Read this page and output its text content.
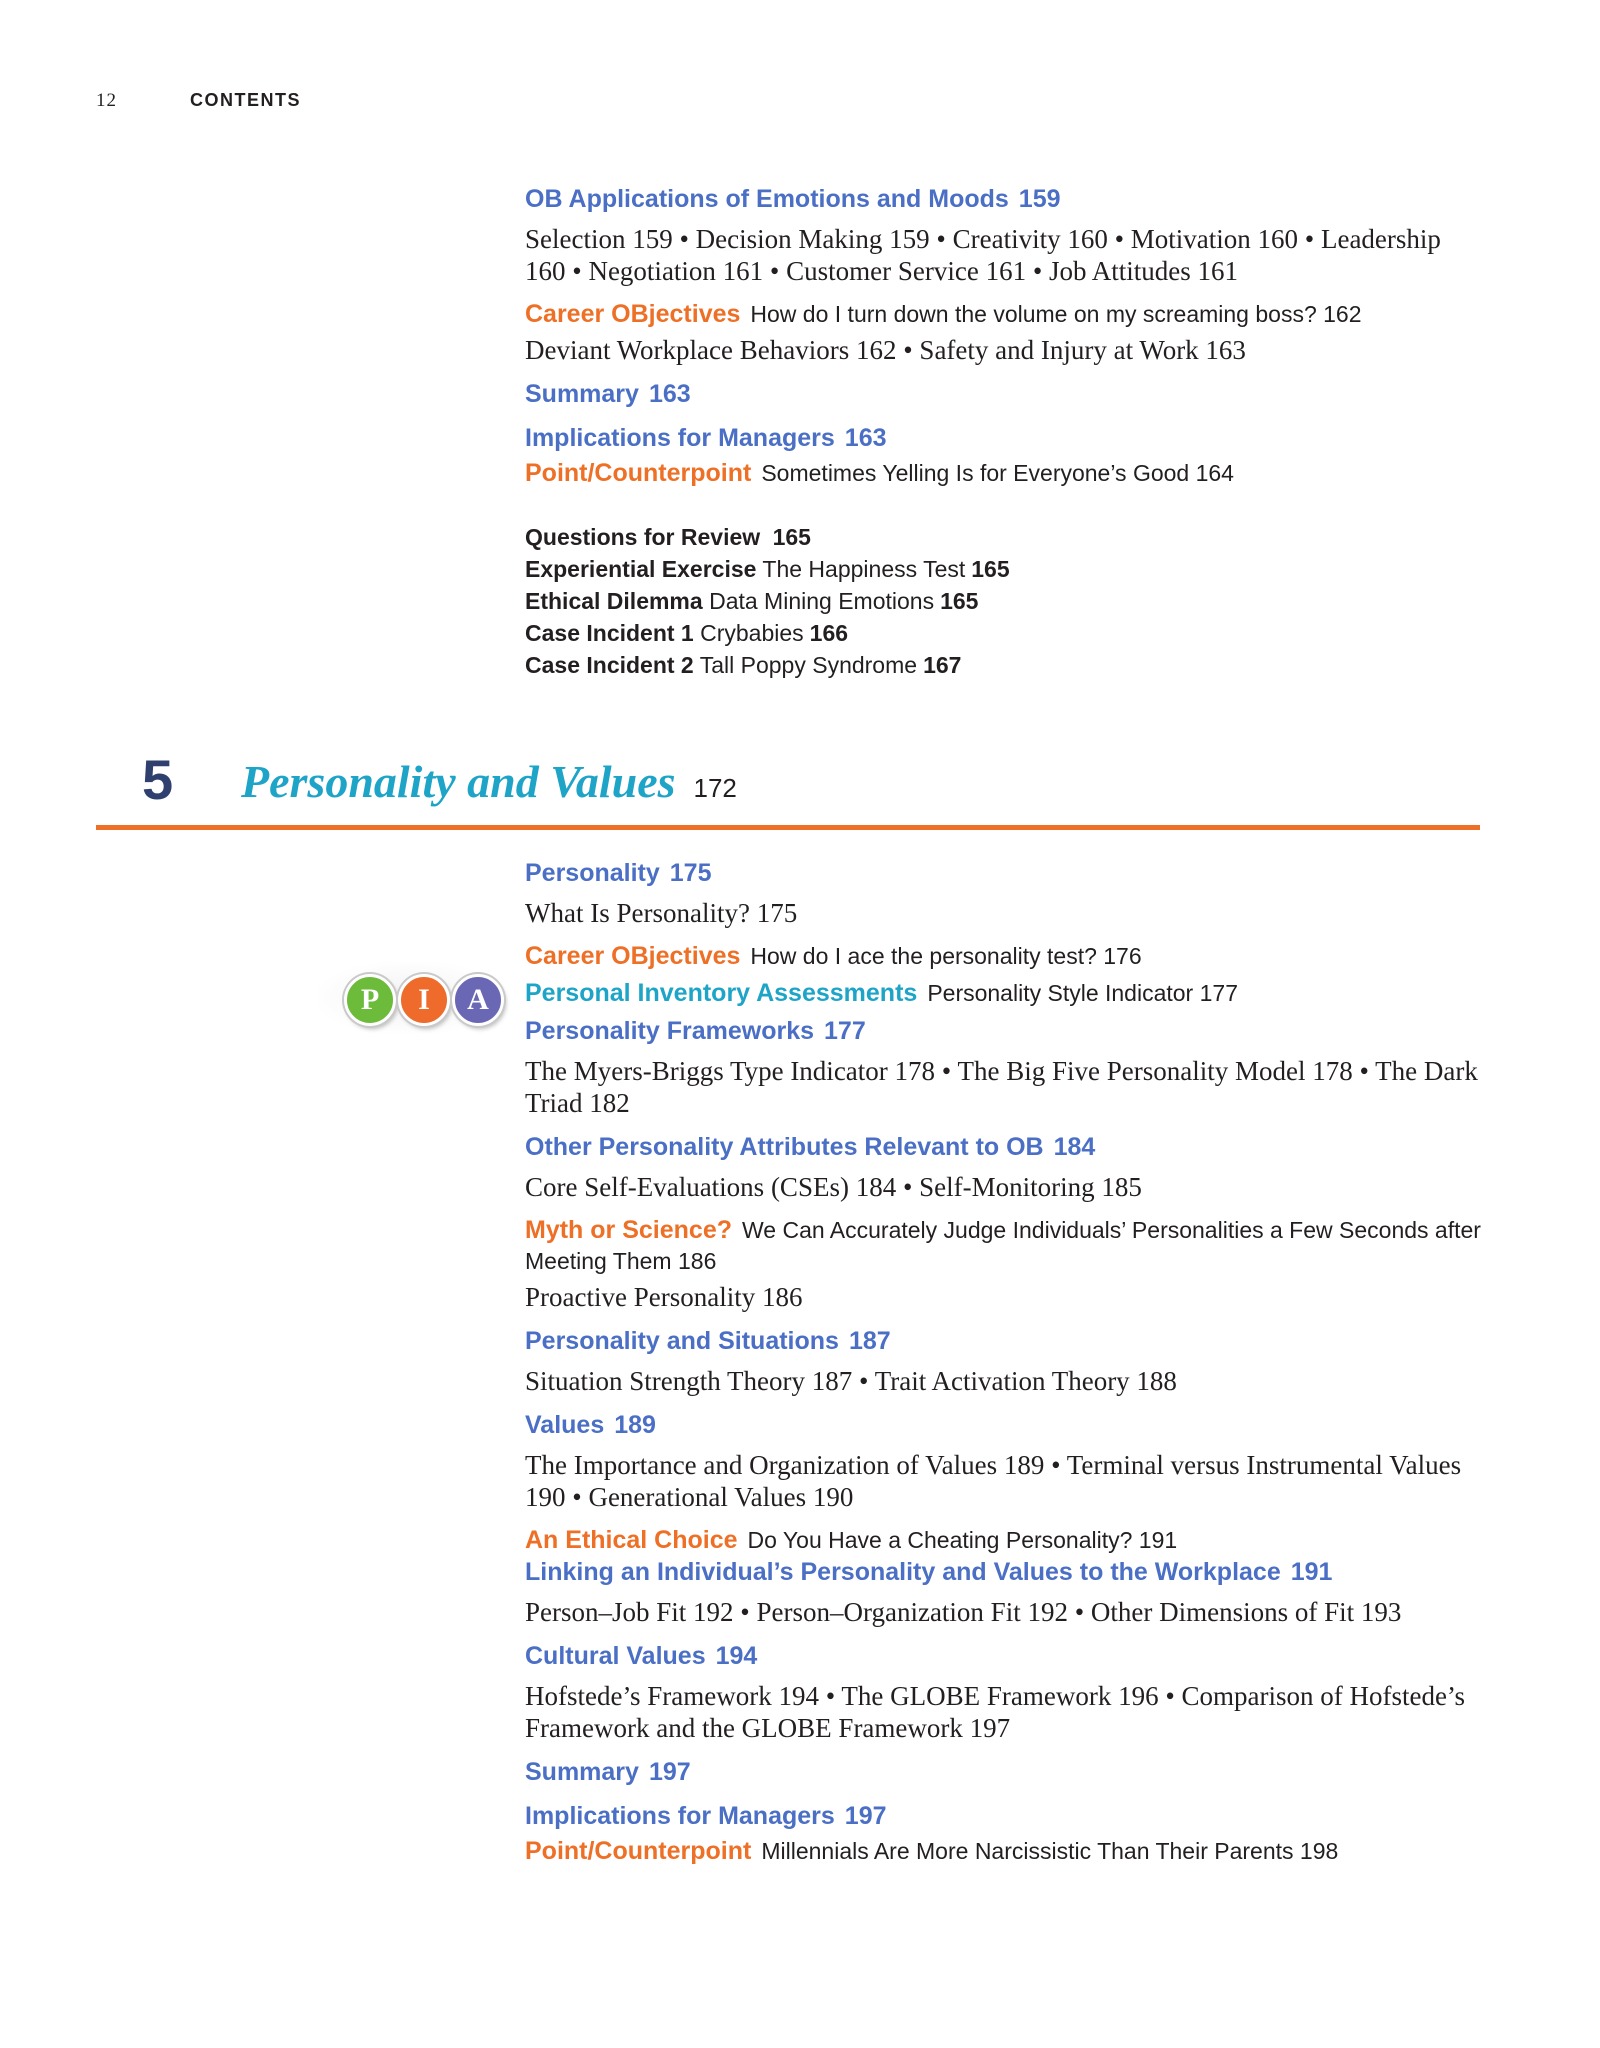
12	CONTENTS

OB Applications of Emotions and Moods 159

Selection 159 • Decision Making 159 • Creativity 160 • Motivation 160 • Leadership 160 • Negotiation 161 • Customer Service 161 • Job Attitudes 161

Career OBjectives How do I turn down the volume on my screaming boss? 162

Deviant Workplace Behaviors 162 • Safety and Injury at Work 163

Summary 163

Implications for Managers 163

Point/Counterpoint Sometimes Yelling Is for Everyone’s Good 164

Questions for Review 165

Experiential Exercise The Happiness Test 165

Ethical Dilemma Data Mining Emotions 165

Case Incident 1 Crybabies 166

Case Incident 2 Tall Poppy Syndrome 167

5 Personality and Values 172
P	I	A

Personality 175

What Is Personality? 175

Career OBjectives How do I ace the personality test? 176

Personal Inventory Assessments Personality Style Indicator 177

Personality Frameworks 177

The Myers-Briggs Type Indicator 178 • The Big Five Personality Model 178 • The Dark Triad 182

Other Personality Attributes Relevant to OB 184

Core Self-Evaluations (CSEs) 184 • Self-Monitoring 185

Myth or Science? We Can Accurately Judge Individuals’ Personalities a Few Seconds after Meeting Them 186

Proactive Personality 186

Personality and Situations 187

Situation Strength Theory 187 • Trait Activation Theory 188

Values 189

The Importance and Organization of Values 189 • Terminal versus Instrumental Values 190 • Generational Values 190

An Ethical Choice Do You Have a Cheating Personality? 191

Linking an Individual’s Personality and Values to the Workplace 191

Person–Job Fit 192 • Person–Organization Fit 192 • Other Dimensions of Fit 193

Cultural Values 194

Hofstede’s Framework 194 • The GLOBE Framework 196 • Comparison of Hofstede’s Framework and the GLOBE Framework 197

Summary 197

Implications for Managers 197

Point/Counterpoint Millennials Are More Narcissistic Than Their Parents 198
